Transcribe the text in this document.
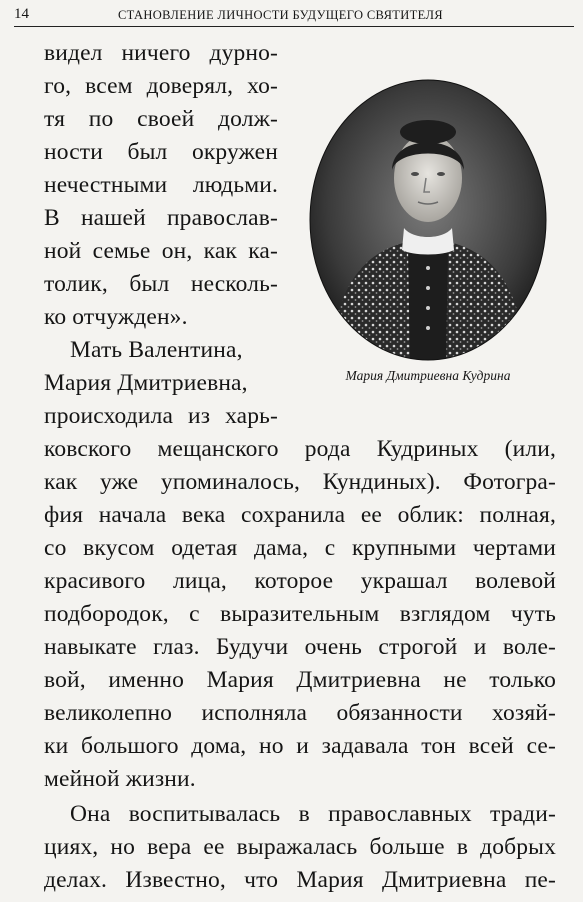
14	СТАНОВЛЕНИЕ ЛИЧНОСТИ БУДУЩЕГО СВЯТИТЕЛЯ
Мария Дмитриевна Кудрина
видел ничего дурно-
го, всем доверял, хо-
тя по своей долж-
ности был окружен
нечестными людьми.
В нашей православ-
ной семье он, как ка-
толик, был несколь-
ко отчужден».
Мать Валентина,
Мария Дмитриевна,
происходила из харь-
ковского мещанского рода Кудриных (или,
как уже упоминалось, Кундиных). Фотогра-
фия начала века сохранила ее облик: полная,
со вкусом одетая дама, с крупными чертами
красивого лица, которое украшал волевой
подбородок, с выразительным взглядом чуть
навыкате глаз. Будучи очень строгой и воле-
вой, именно Мария Дмитриевна не только
великолепно исполняла обязанности хозяй-
ки большого дома, но и задавала тон всей се-
мейной жизни.
Она воспитывалась в православных тради-
циях, но вера ее выражалась больше в добрых
делах. Известно, что Мария Дмитриевна пе-
